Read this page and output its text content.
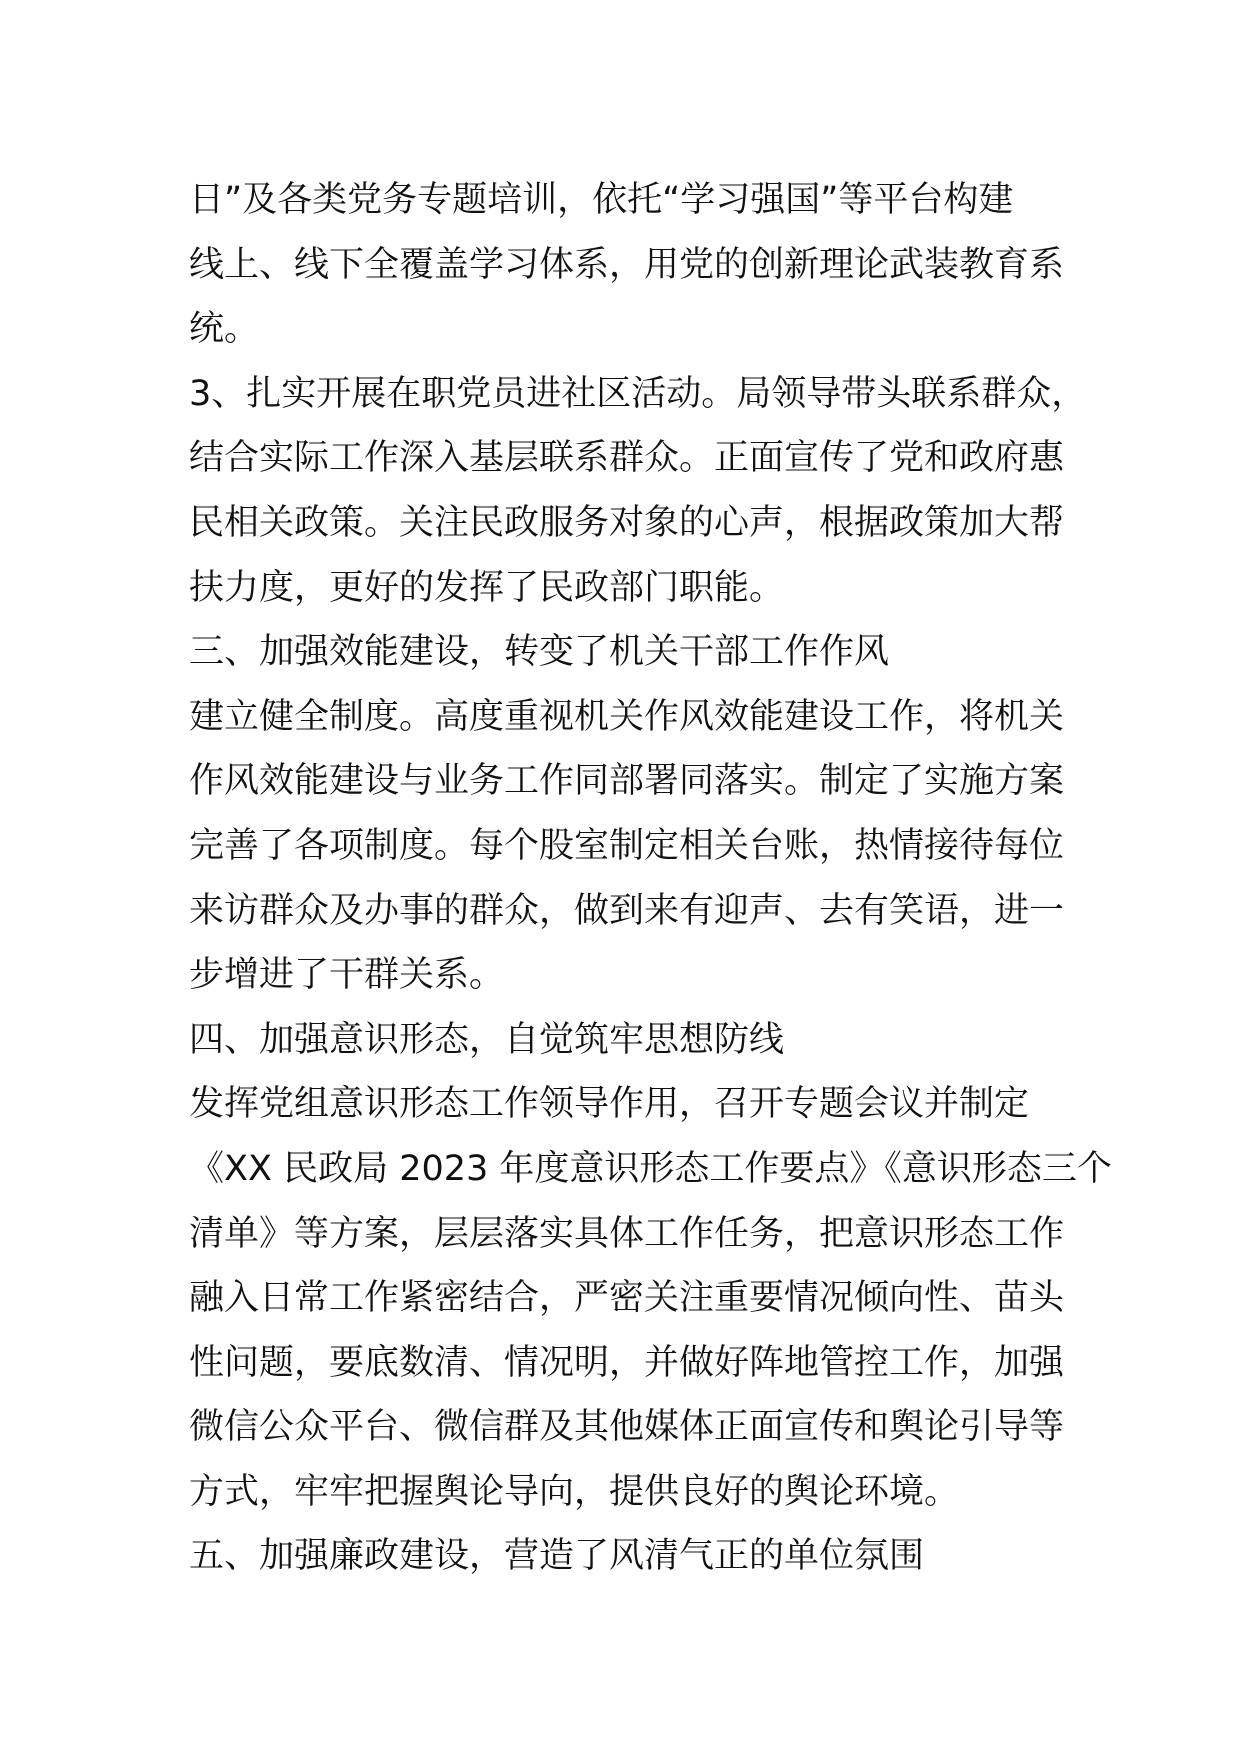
日”及各类党务专题培训，依托“学习强国”等平台构建
线上、线下全覆盖学习体系，用党的创新理论武装教育系
统。
3、扎实开展在职党员进社区活动。局领导带头联系群众，
结合实际工作深入基层联系群众。正面宣传了党和政府惠
民相关政策。关注民政服务对象的心声，根据政策加大帮
扶力度，更好的发挥了民政部门职能。
三、加强效能建设，转变了机关干部工作作风
建立健全制度。高度重视机关作风效能建设工作，将机关
作风效能建设与业务工作同部署同落实。制定了实施方案
完善了各项制度。每个股室制定相关台账，热情接待每位
来访群众及办事的群众，做到来有迎声、去有笑语，进一
步增进了干群关系。
四、加强意识形态，自觉筑牢思想防线
发挥党组意识形态工作领导作用，召开专题会议并制定
《XX 民政局 2023 年度意识形态工作要点》《意识形态三个
清单》等方案，层层落实具体工作任务，把意识形态工作
融入日常工作紧密结合，严密关注重要情况倾向性、苗头
性问题，要底数清、情况明，并做好阵地管控工作，加强
微信公众平台、微信群及其他媒体正面宣传和舆论引导等
方式，牢牢把握舆论导向，提供良好的舆论环境。
五、加强廉政建设，营造了风清气正的单位氛围
